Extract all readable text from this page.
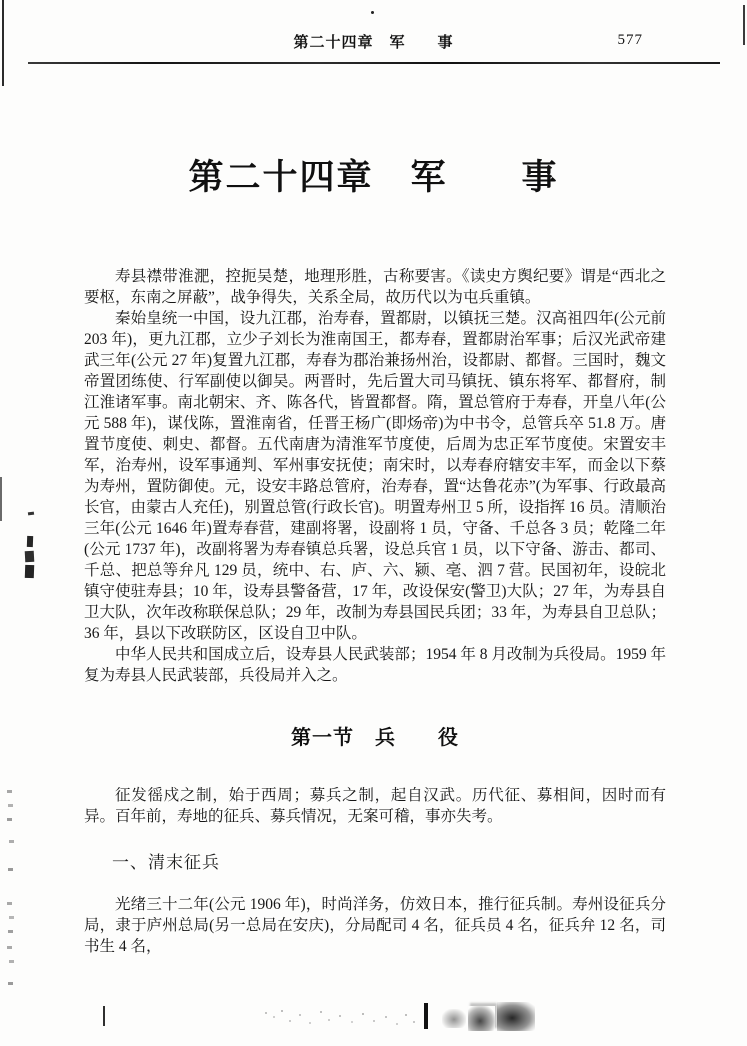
第二十四章　军　　事	577
第二十四章　军　　事

寿县襟带淮淝，控扼吴楚，地理形胜，古称要害。《读史方舆纪要》谓是“西北之要枢，东南之屏蔽”，战争得失，关系全局，故历代以为屯兵重镇。

秦始皇统一中国，设九江郡，治寿春，置都尉，以镇抚三楚。汉高祖四年(公元前 203 年)，更九江郡，立少子刘长为淮南国王，都寿春，置都尉治军事；后汉光武帝建武三年(公元 27 年)复置九江郡，寿春为郡治兼扬州治，设都尉、都督。三国时，魏文帝置团练使、行军副使以御吴。两晋时，先后置大司马镇抚、镇东将军、都督府，制江淮诸军事。南北朝宋、齐、陈各代，皆置都督。隋，置总管府于寿春，开皇八年(公元 588 年)，谋伐陈，置淮南省，任晋王杨广(即炀帝)为中书令，总管兵卒 51.8 万。唐置节度使、刺史、都督。五代南唐为清淮军节度使，后周为忠正军节度使。宋置安丰军，治寿州，设军事通判、军州事安抚使；南宋时，以寿春府辖安丰军，而金以下蔡为寿州，置防御使。元，设安丰路总管府，治寿春，置“达鲁花赤”(为军事、行政最高长官，由蒙古人充任)，别置总管(行政长官)。明置寿州卫 5 所，设指挥 16 员。清顺治三年(公元 1646 年)置寿春营，建副将署，设副将 1 员，守备、千总各 3 员；乾隆二年(公元 1737 年)，改副将署为寿春镇总兵署，设总兵官 1 员，以下守备、游击、都司、千总、把总等弁凡 129 员，统中、右、庐、六、颍、亳、泗 7 营。民国初年，设皖北镇守使驻寿县；10 年，设寿县警备营，17 年，改设保安(警卫)大队；27 年，为寿县自卫大队，次年改称联保总队；29 年，改制为寿县国民兵团；33 年，为寿县自卫总队；36 年，县以下改联防区，区设自卫中队。

中华人民共和国成立后，设寿县人民武装部；1954 年 8 月改制为兵役局。1959 年复为寿县人民武装部，兵役局并入之。

第一节　兵　　役

征发徭戍之制，始于西周；募兵之制，起自汉武。历代征、募相间，因时而有异。百年前，寿地的征兵、募兵情况，无案可稽，事亦失考。

一、清末征兵

光绪三十二年(公元 1906 年)，时尚洋务，仿效日本，推行征兵制。寿州设征兵分局，隶于庐州总局(另一总局在安庆)，分局配司 4 名，征兵员 4 名，征兵弁 12 名，司书生 4 名，
